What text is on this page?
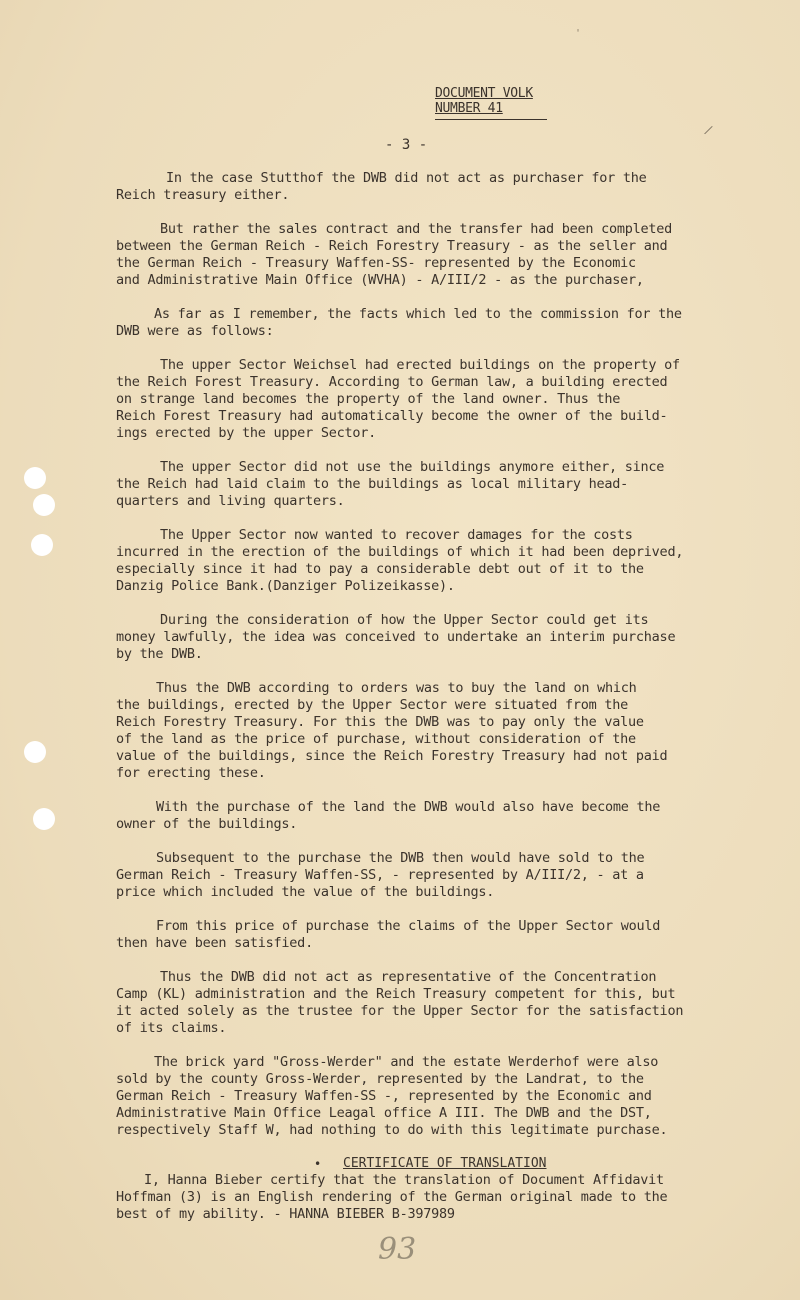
'
/
DOCUMENT VOLK
NUMBER 41
- 3 -

In the case Stutthof the DWB did not act as purchaser for the
Reich treasury either.

But rather the sales contract and the transfer had been completed
between the German Reich - Reich Forestry Treasury - as the seller and
the German Reich - Treasury Waffen-SS- represented by the Economic
and Administrative Main Office (WVHA) - A/III/2 - as the purchaser,

As far as I remember, the facts which led to the commission for the
DWB were as follows:

The upper Sector Weichsel had erected buildings on the property of
the Reich Forest Treasury. According to German law, a building erected
on strange land becomes the property of the land owner. Thus the
Reich Forest Treasury had automatically become the owner of the build-
ings erected by the upper Sector.

The upper Sector did not use the buildings anymore either, since
the Reich had laid claim to the buildings as local military head-
quarters and living quarters.

The Upper Sector now wanted to recover damages for the costs
incurred in the erection of the buildings of which it had been deprived,
especially since it had to pay a considerable debt out of it to the
Danzig Police Bank.(Danziger Polizeikasse).

During the consideration of how the Upper Sector could get its
money lawfully, the idea was conceived to undertake an interim purchase
by the DWB.

Thus the DWB according to orders was to buy the land on which
the buildings, erected by the Upper Sector were situated from the
Reich Forestry Treasury. For this the DWB was to pay only the value
of the land as the price of purchase, without consideration of the
value of the buildings, since the Reich Forestry Treasury had not paid
for erecting these.

With the purchase of the land the DWB would also have become the
owner of the buildings.

Subsequent to the purchase the DWB then would have sold to the
German Reich - Treasury Waffen-SS, - represented by A/III/2, - at a
price which included the value of the buildings.

From this price of purchase the claims of the Upper Sector would
then have been satisfied.

Thus the DWB did not act as representative of the Concentration
Camp (KL) administration and the Reich Treasury competent for this, but
it acted solely as the trustee for the Upper Sector for the satisfaction
of its claims.

The brick yard "Gross-Werder" and the estate Werderhof were also
sold by the county Gross-Werder, represented by the Landrat, to the
German Reich - Treasury Waffen-SS -, represented by the Economic and
Administrative Main Office Leagal office A III. The DWB and the DST,
respectively Staff W, had nothing to do with this legitimate purchase.

• CERTIFICATE OF TRANSLATION
I, Hanna Bieber certify that the translation of Document Affidavit
Hoffman (3) is an English rendering of the German original made to the
best of my ability. - HANNA BIEBER B-397989
93
